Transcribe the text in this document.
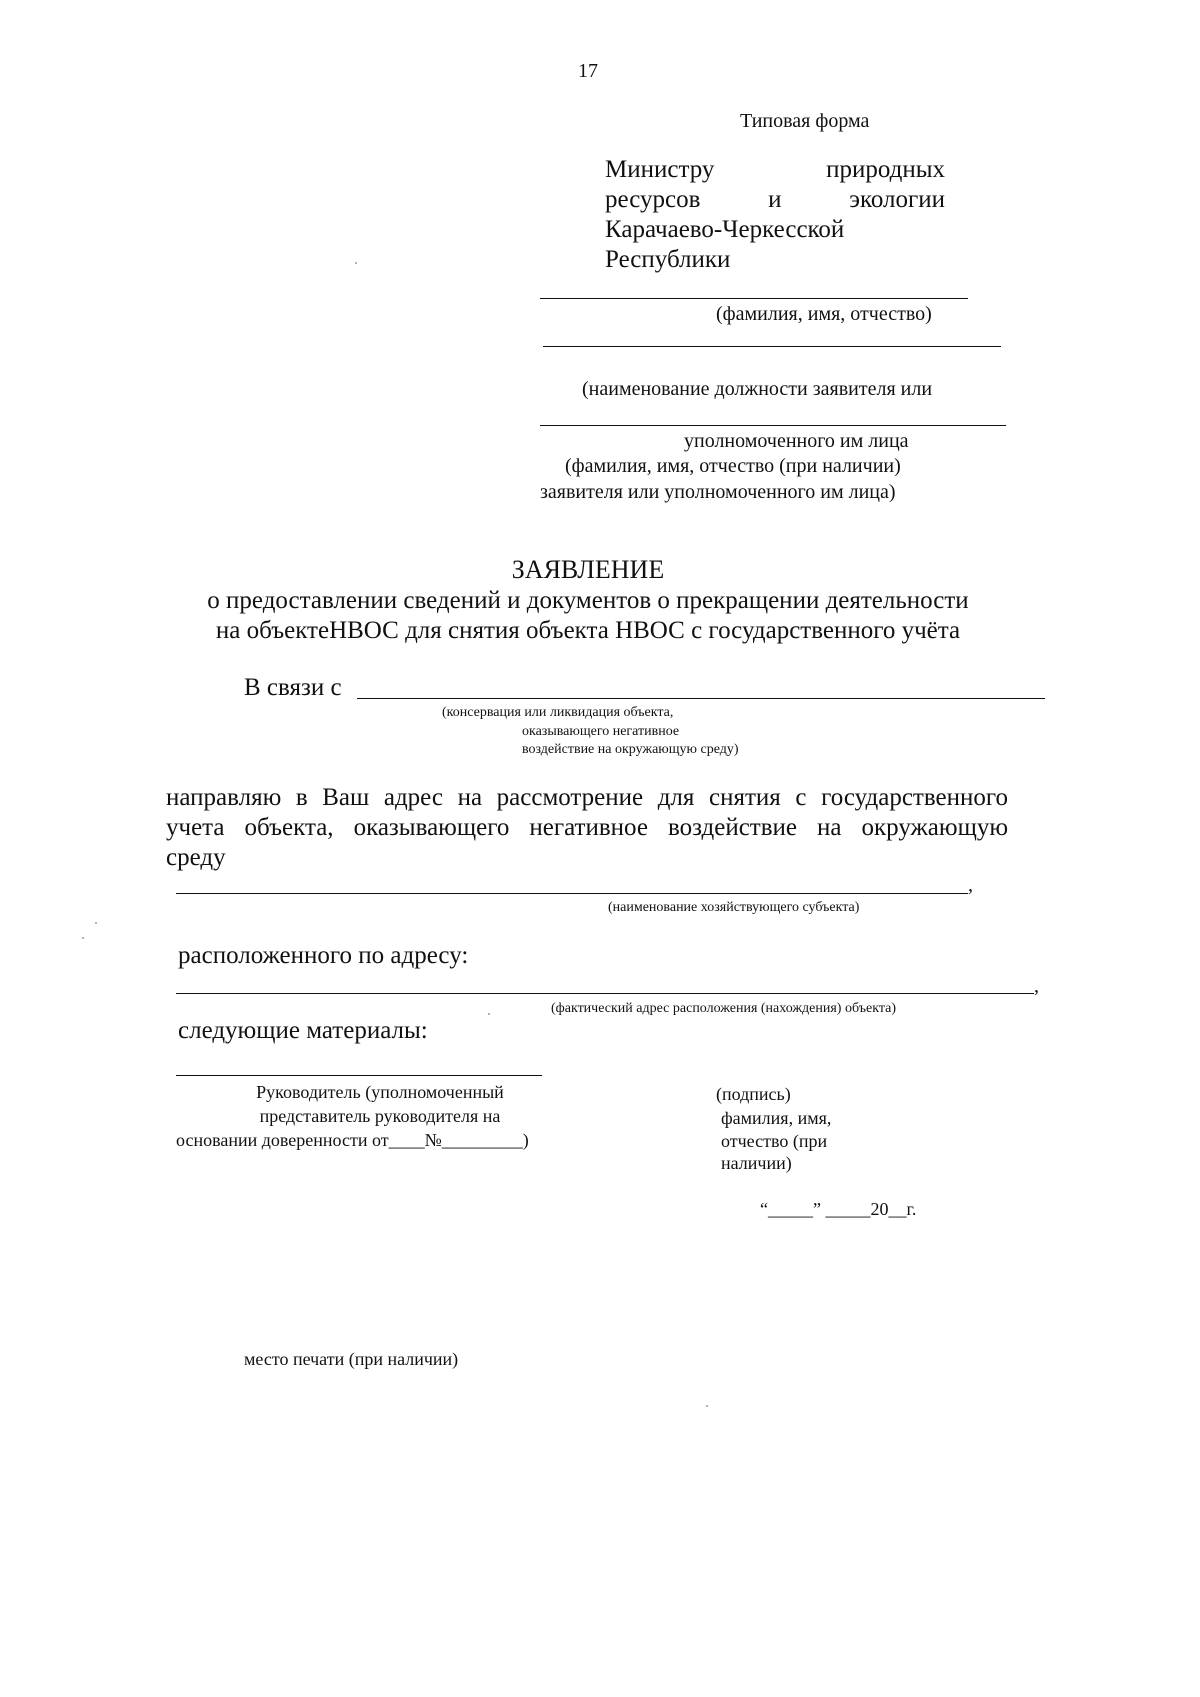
17
Типовая форма
Министру	природных
ресурсов	и	экологии
Карачаево-Черкесской
Республики
(фамилия, имя, отчество)
(наименование должности заявителя или
уполномоченного им лица
(фамилия, имя, отчество (при наличии)
заявителя или уполномоченного им лица)
ЗАЯВЛЕНИЕ
о предоставлении сведений и документов о прекращении деятельности
на объектеНВОС для снятия объекта НВОС с государственного учёта
В связи с
(консервация или ликвидация объекта,
оказывающего негативное
воздействие на окружающую среду)
направляю в Ваш адрес на рассмотрение для снятия с государственного
учета объекта, оказывающего негативное воздействие на окружающую
среду
,
(наименование хозяйствующего субъекта)
расположенного по адресу:
,
(фактический адрес расположения (нахождения) объекта)
следующие материалы:
Руководитель (уполномоченный
представитель руководителя на
основании доверенности от____№_________)
(подпись)
фамилия, имя,
отчество (при
наличии)
“_____” _____20__г.
место печати (при наличии)
